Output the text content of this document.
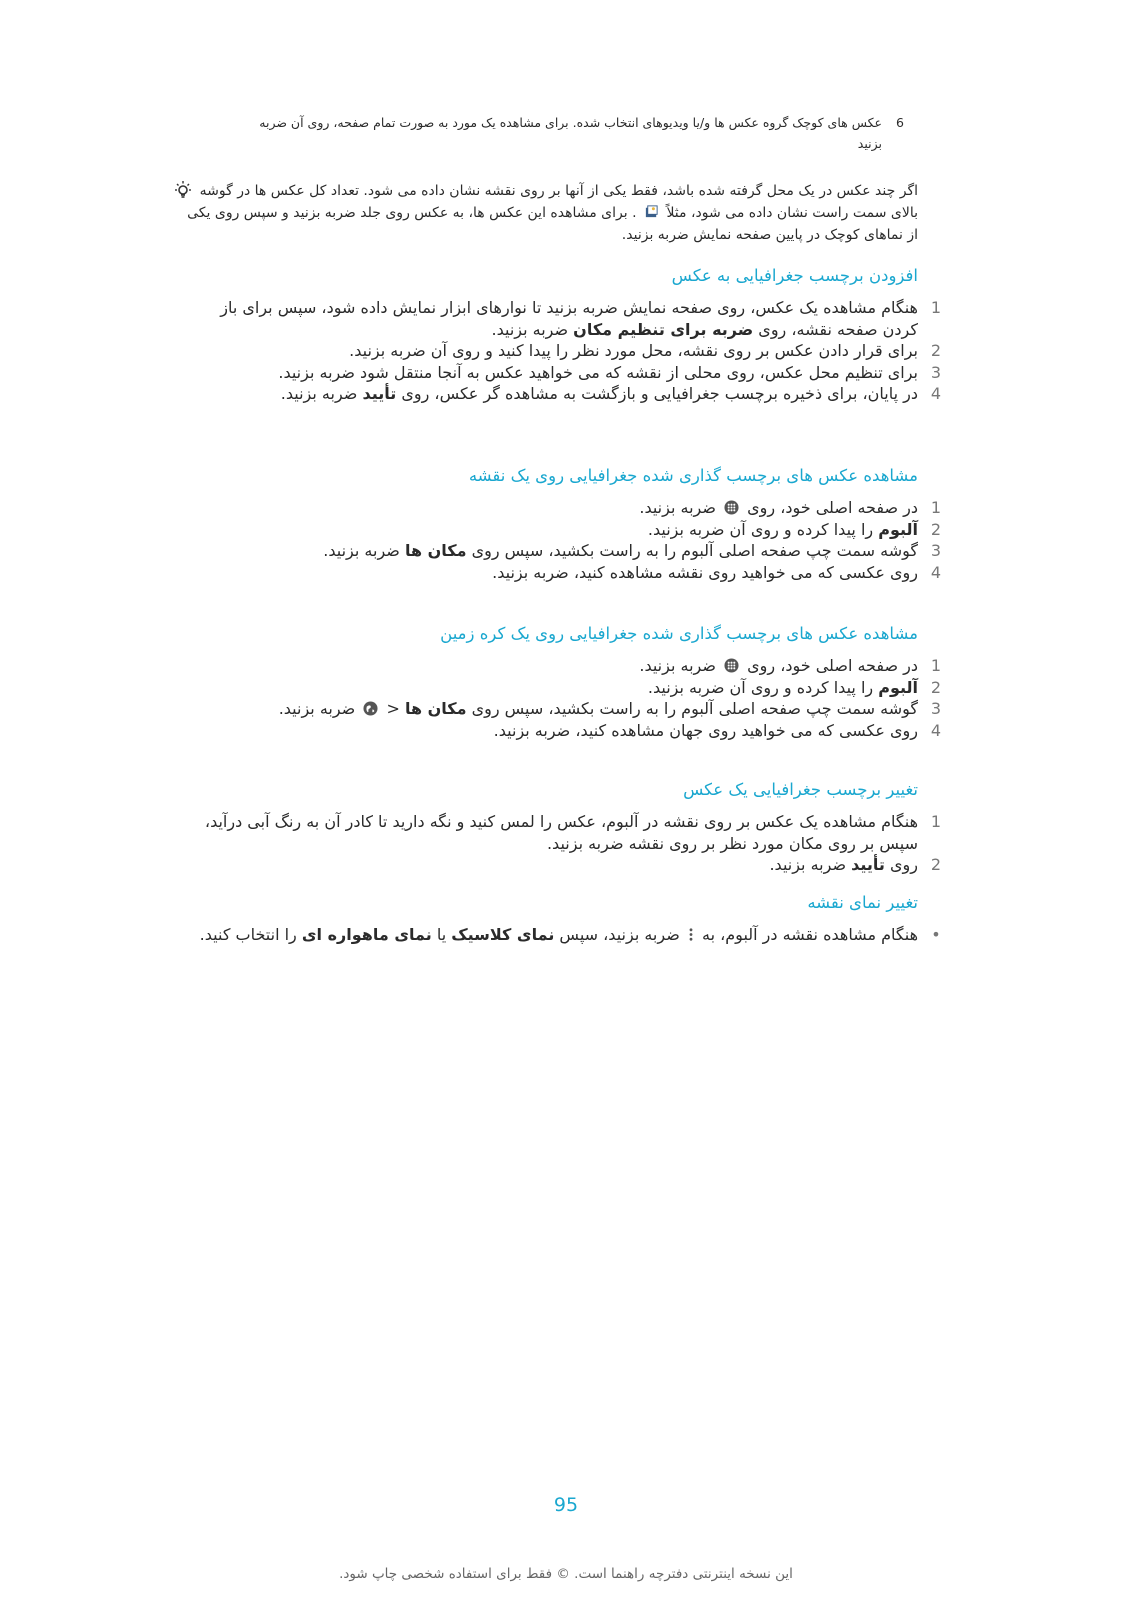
6
عکس های کوچک گروه عکس ها و/یا ویدیوهای انتخاب شده. برای مشاهده یک مورد به صورت تمام صفحه، روی آن ضربه بزنید
اگر چند عکس در یک محل گرفته شده باشد، فقط یکی از آنها بر روی نقشه نشان داده می شود. تعداد کل عکس ها در گوشه بالای سمت راست نشان داده می شود، مثلاً  . برای مشاهده این عکس ها، به عکس روی جلد ضربه بزنید و سپس روی یکی از نماهای کوچک در پایین صفحه نمایش ضربه بزنید.
افزودن برچسب جغرافیایی به عکس
1
هنگام مشاهده یک عکس، روی صفحه نمایش ضربه بزنید تا نوارهای ابزار نمایش داده شود، سپس برای باز کردن صفحه نقشه، روی ضربه برای تنظیم مکان ضربه بزنید.
2
برای قرار دادن عکس بر روی نقشه، محل مورد نظر را پیدا کنید و روی آن ضربه بزنید.
3
برای تنظیم محل عکس، روی محلی از نقشه که می خواهید عکس به آنجا منتقل شود ضربه بزنید.
4
در پایان، برای ذخیره برچسب جغرافیایی و بازگشت به مشاهده گر عکس، روی تأیید ضربه بزنید.
مشاهده عکس های برچسب گذاری شده جغرافیایی روی یک نقشه
1
در صفحه اصلی خود، روی  ضربه بزنید.
2
آلبوم را پیدا کرده و روی آن ضربه بزنید.
3
گوشه سمت چپ صفحه اصلی آلبوم را به راست بکشید، سپس روی مکان ها ضربه بزنید.
4
روی عکسی که می خواهید روی نقشه مشاهده کنید، ضربه بزنید.
مشاهده عکس های برچسب گذاری شده جغرافیایی روی یک کره زمین
1
در صفحه اصلی خود، روی  ضربه بزنید.
2
آلبوم را پیدا کرده و روی آن ضربه بزنید.
3
گوشه سمت چپ صفحه اصلی آلبوم را به راست بکشید، سپس روی مکان ها <  ضربه بزنید.
4
روی عکسی که می خواهید روی جهان مشاهده کنید، ضربه بزنید.
تغییر برچسب جغرافیایی یک عکس
1
هنگام مشاهده یک عکس بر روی نقشه در آلبوم، عکس را لمس کنید و نگه دارید تا کادر آن به رنگ آبی درآید، سپس بر روی مکان مورد نظر بر روی نقشه ضربه بزنید.
2
روی تأیید ضربه بزنید.
تغییر نمای نقشه
•
هنگام مشاهده نقشه در آلبوم، به  ضربه بزنید، سپس نمای کلاسیک یا نمای ماهواره ای را انتخاب کنید.
95
این نسخه اینترنتی دفترچه راهنما است. © فقط برای استفاده شخصی چاپ شود.
